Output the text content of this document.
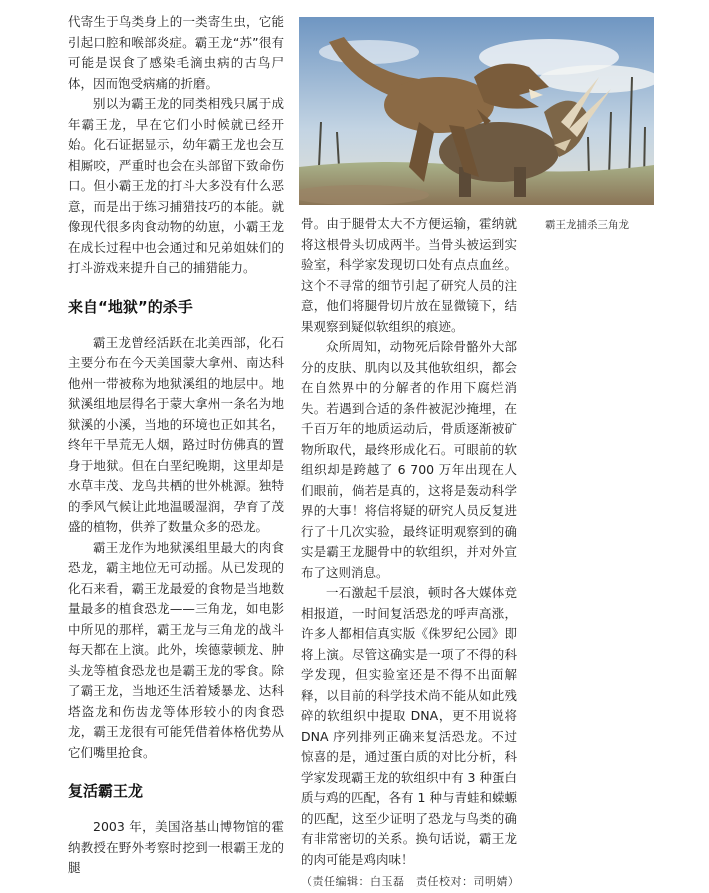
代寄生于鸟类身上的一类寄生虫，它能引起口腔和喉部炎症。霸王龙“苏”很有可能是误食了感染毛滴虫病的古鸟尸体，因而饱受病痛的折磨。

别以为霸王龙的同类相残只属于成年霸王龙，早在它们小时候就已经开始。化石证据显示，幼年霸王龙也会互相厮咬，严重时也会在头部留下致命伤口。但小霸王龙的打斗大多没有什么恶意，而是出于练习捕猎技巧的本能。就像现代很多肉食动物的幼崽，小霸王龙在成长过程中也会通过和兄弟姐妹们的打斗游戏来提升自己的捕猎能力。

来自“地狱”的杀手

霸王龙曾经活跃在北美西部，化石主要分布在今天美国蒙大拿州、南达科他州一带被称为地狱溪组的地层中。地狱溪组地层得名于蒙大拿州一条名为地狱溪的小溪，当地的环境也正如其名，终年干旱荒无人烟，路过时仿佛真的置身于地狱。但在白垩纪晚期，这里却是水草丰茂、龙鸟共栖的世外桃源。独特的季风气候让此地温暖湿润，孕育了茂盛的植物，供养了数量众多的恐龙。

霸王龙作为地狱溪组里最大的肉食恐龙，霸主地位无可动摇。从已发现的化石来看，霸王龙最爱的食物是当地数量最多的植食恐龙——三角龙，如电影中所见的那样，霸王龙与三角龙的战斗每天都在上演。此外，埃德蒙顿龙、肿头龙等植食恐龙也是霸王龙的零食。除了霸王龙，当地还生活着矮暴龙、达科塔盗龙和伤齿龙等体形较小的肉食恐龙，霸王龙很有可能凭借着体格优势从它们嘴里抢食。

复活霸王龙

2003 年，美国洛基山博物馆的霍纳教授在野外考察时挖到一根霸王龙的腿

霸王龙捕杀三角龙

骨。由于腿骨太大不方便运输，霍纳就将这根骨头切成两半。当骨头被运到实验室，科学家发现切口处有点点血丝。这个不寻常的细节引起了研究人员的注意，他们将腿骨切片放在显微镜下，结果观察到疑似软组织的痕迹。

众所周知，动物死后除骨骼外大部分的皮肤、肌肉以及其他软组织，都会在自然界中的分解者的作用下腐烂消失。若遇到合适的条件被泥沙掩埋，在千百万年的地质运动后，骨质逐渐被矿物所取代，最终形成化石。可眼前的软组织却是跨越了 6 700 万年出现在人们眼前，倘若是真的，这将是轰动科学界的大事！将信将疑的研究人员反复进行了十几次实验，最终证明观察到的确实是霸王龙腿骨中的软组织，并对外宣布了这则消息。

一石激起千层浪，顿时各大媒体竞相报道，一时间复活恐龙的呼声高涨，许多人都相信真实版《侏罗纪公园》即将上演。尽管这确实是一项了不得的科学发现，但实验室还是不得不出面解释，以目前的科学技术尚不能从如此残碎的软组织中提取 DNA，更不用说将 DNA 序列排列正确来复活恐龙。不过惊喜的是，通过蛋白质的对比分析，科学家发现霸王龙的软组织中有 3 种蛋白质与鸡的匹配，各有 1 种与青蛙和蝾螈的匹配，这至少证明了恐龙与鸟类的确有非常密切的关系。换句话说，霸王龙的肉可能是鸡肉味！

（责任编辑：白玉磊　责任校对：司明婧）
